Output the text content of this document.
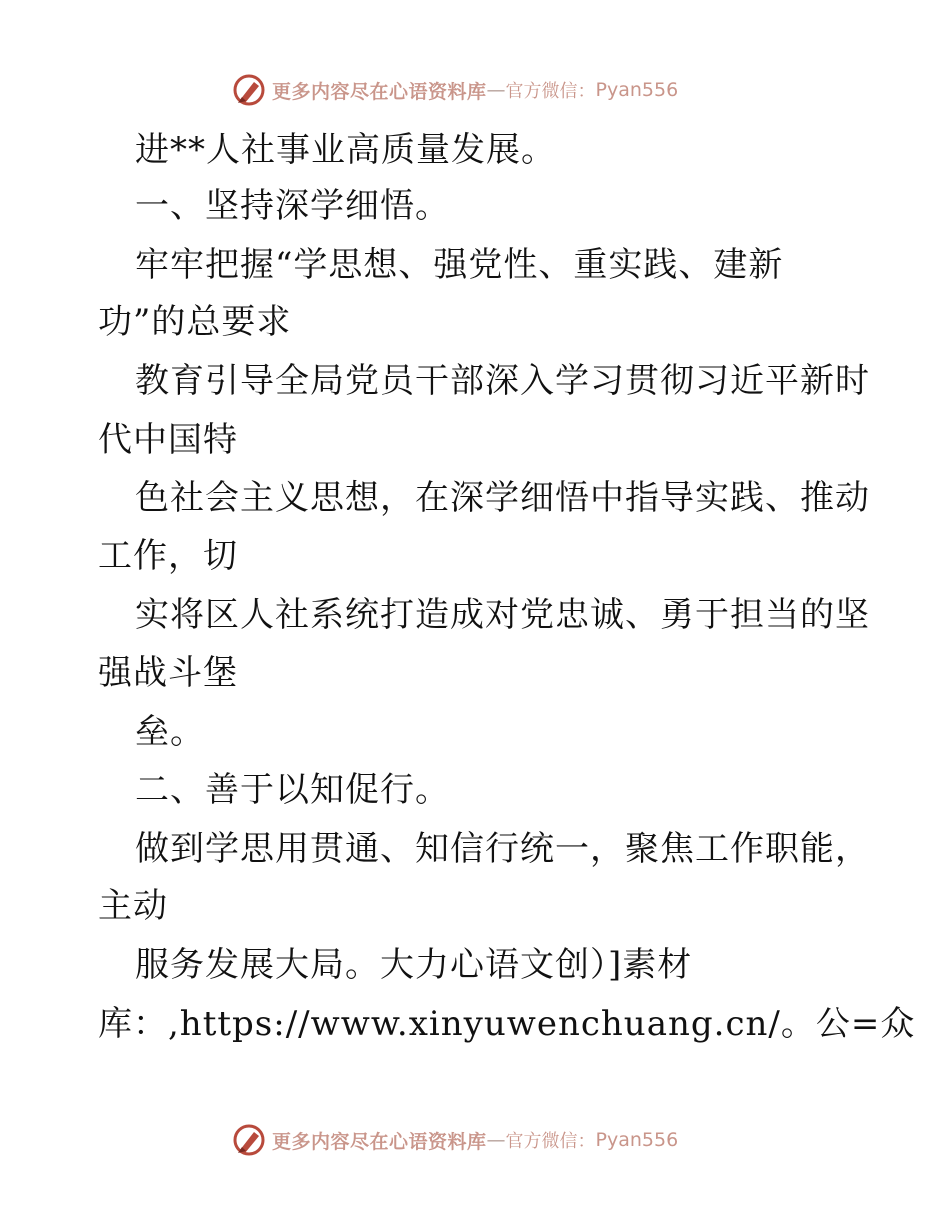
更多内容尽在心语资料库 — 官方微信： Pyan556
进**人社事业高质量发展。
一、坚持深学细悟。
牢牢把握“学思想、强党性、重实践、建新
功”的总要求
教育引导全局党员干部深入学习贯彻习近平新时
代中国特
色社会主义思想，在深学细悟中指导实践、推动
工作，切
实将区人社系统打造成对党忠诚、勇于担当的坚
强战斗堡
垒。
二、善于以知促行。
做到学思用贯通、知信行统一，聚焦工作职能，
主动
服务发展大局。大力心语文创）]素材
库：,https://www.xinyuwenchuang.cn/。公=众
更多内容尽在心语资料库 — 官方微信： Pyan556
